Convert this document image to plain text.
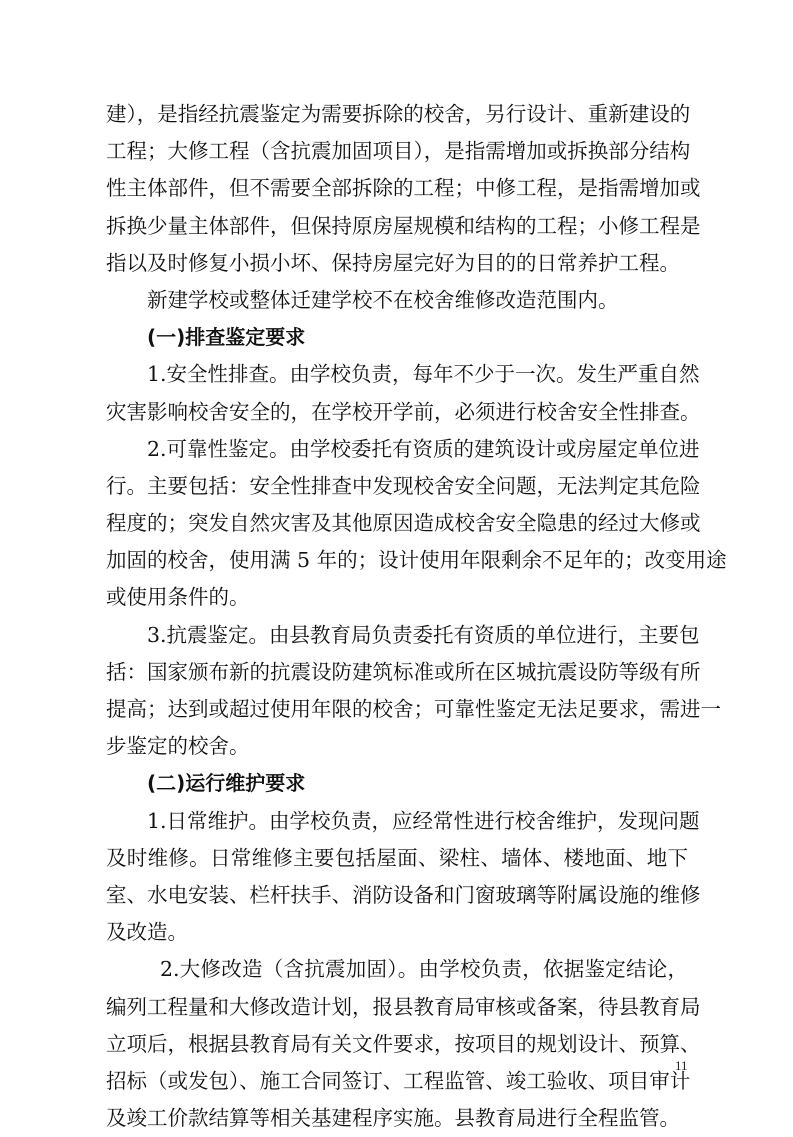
建），是指经抗震鉴定为需要拆除的校舍，另行设计、重新建设的
工程；大修工程（含抗震加固项目），是指需增加或拆换部分结构
性主体部件，但不需要全部拆除的工程；中修工程，是指需增加或
拆换少量主体部件，但保持原房屋规模和结构的工程；小修工程是
指以及时修复小损小坏、保持房屋完好为目的的日常养护工程。
新建学校或整体迁建学校不在校舍维修改造范围内。
(一)排查鉴定要求
1.安全性排查。由学校负责，每年不少于一次。发生严重自然
灾害影响校舍安全的，在学校开学前，必须进行校舍安全性排查。
2.可靠性鉴定。由学校委托有资质的建筑设计或房屋定单位进
行。主要包括：安全性排查中发现校舍安全问题，无法判定其危险
程度的；突发自然灾害及其他原因造成校舍安全隐患的经过大修或
加固的校舍，使用满 5 年的；设计使用年限剩余不足年的；改变用途
或使用条件的。
3.抗震鉴定。由县教育局负责委托有资质的单位进行，主要包
括：国家颁布新的抗震设防建筑标准或所在区城抗震设防等级有所
提高；达到或超过使用年限的校舍；可靠性鉴定无法足要求，需进一
步鉴定的校舍。
(二)运行维护要求
1.日常维护。由学校负责，应经常性进行校舍维护，发现问题
及时维修。日常维修主要包括屋面、梁柱、墙体、楼地面、地下
室、水电安装、栏杆扶手、消防设备和门窗玻璃等附属设施的维修
及改造。
2.大修改造（含抗震加固）。由学校负责，依据鉴定结论，
编列工程量和大修改造计划，报县教育局审核或备案，待县教育局
立项后，根据县教育局有关文件要求，按项目的规划设计、预算、
招标（或发包）、施工合同签订、工程监管、竣工验收、项目审计
及竣工价款结算等相关基建程序实施。县教育局进行全程监管。
11
